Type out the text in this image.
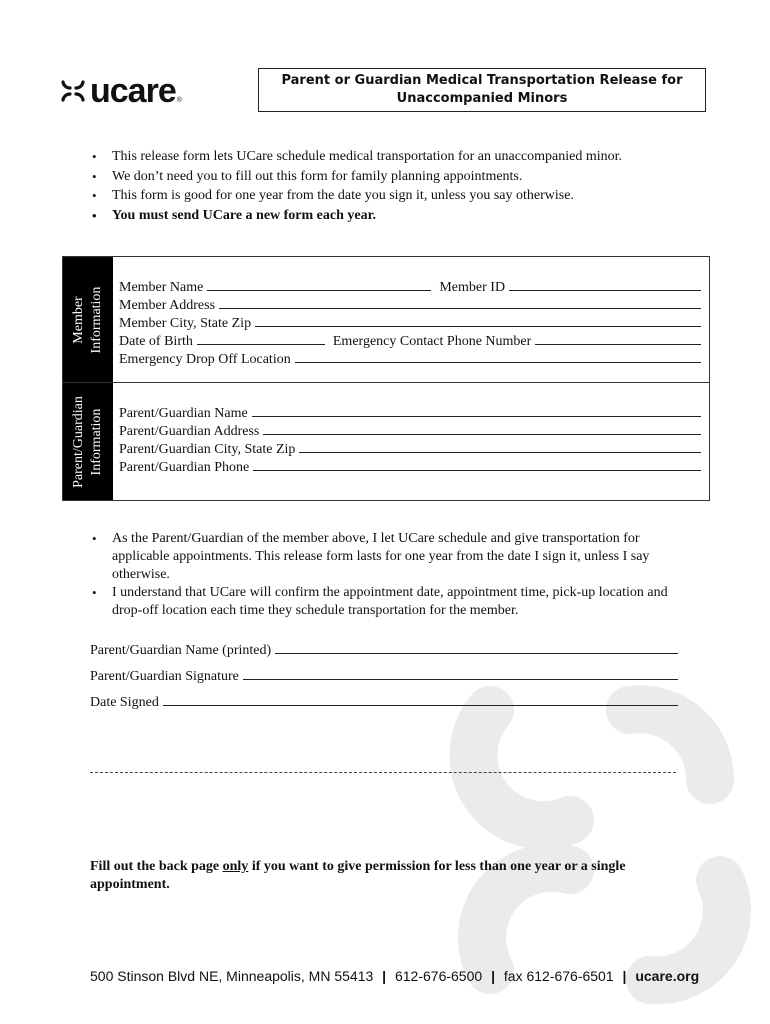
ucare ®
Parent or Guardian Medical Transportation Release for
Unaccompanied Minors
• This release form lets UCare schedule medical transportation for an unaccompanied minor.
• We don’t need you to fill out this form for family planning appointments.
• This form is good for one year from the date you sign it, unless you say otherwise.
• You must send UCare a new form each year.
Member Information Member Name	Member ID
Member Address
Member City, State Zip
Date of Birth	Emergency Contact Phone Number
Emergency Drop Off Location
Parent/Guardian Information Parent/Guardian Name
Parent/Guardian Address
Parent/Guardian City, State Zip
Parent/Guardian Phone
• As the Parent/Guardian of the member above, I let UCare schedule and give transportation for applicable appointments. This release form lasts for one year from the date I sign it, unless I say otherwise.
• I understand that UCare will confirm the appointment date, appointment time, pick-up location and drop-off location each time they schedule transportation for the member.
Parent/Guardian Name (printed)
Parent/Guardian Signature
Date Signed
Fill out the back page only if you want to give permission for less than one year or a single appointment.
500 Stinson Blvd NE, Minneapolis, MN 55413 | 612-676-6500 | fax 612-676-6501 | ucare.org
